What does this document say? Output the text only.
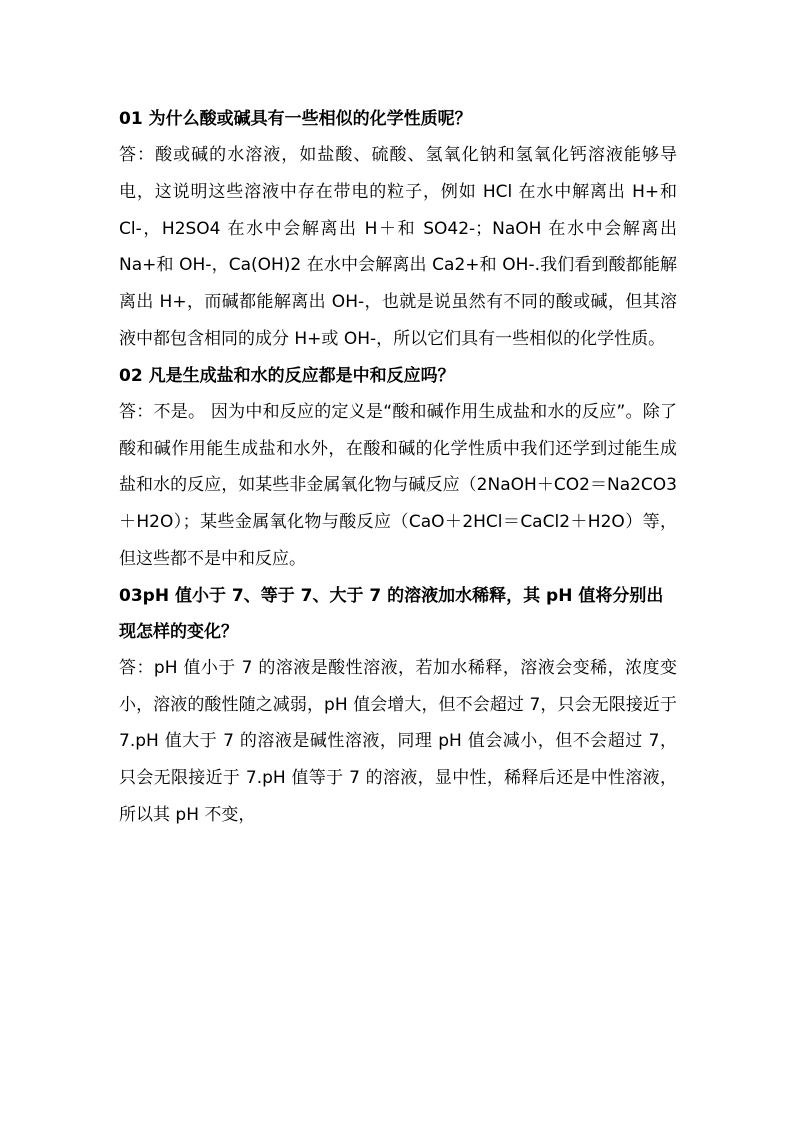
01 为什么酸或碱具有一些相似的化学性质呢？

答：酸或碱的水溶液，如盐酸、硫酸、氢氧化钠和氢氧化钙溶液能够导电，这说明这些溶液中存在带电的粒子，例如 HCl 在水中解离出 H+和 Cl-，H2SO4 在水中会解离出 H＋和 SO42-；NaOH 在水中会解离出 Na+和 OH-，Ca(OH)2 在水中会解离出 Ca2+和 OH-.我们看到酸都能解离出 H+，而碱都能解离出 OH-，也就是说虽然有不同的酸或碱，但其溶液中都包含相同的成分 H+或 OH-，所以它们具有一些相似的化学性质。

02 凡是生成盐和水的反应都是中和反应吗？

答：不是。 因为中和反应的定义是“酸和碱作用生成盐和水的反应”。除了酸和碱作用能生成盐和水外，在酸和碱的化学性质中我们还学到过能生成盐和水的反应，如某些非金属氧化物与碱反应（2NaOH＋CO2＝Na2CO3＋H2O）；某些金属氧化物与酸反应（CaO＋2HCl＝CaCl2＋H2O）等，但这些都不是中和反应。

03pH 值小于 7、等于 7、大于 7 的溶液加水稀释，其 pH 值将分别出现怎样的变化？

答：pH 值小于 7 的溶液是酸性溶液，若加水稀释，溶液会变稀，浓度变小，溶液的酸性随之减弱，pH 值会增大，但不会超过 7，只会无限接近于 7.pH 值大于 7 的溶液是碱性溶液，同理 pH 值会减小，但不会超过 7，只会无限接近于 7.pH 值等于 7 的溶液，显中性，稀释后还是中性溶液，所以其 pH 不变，
